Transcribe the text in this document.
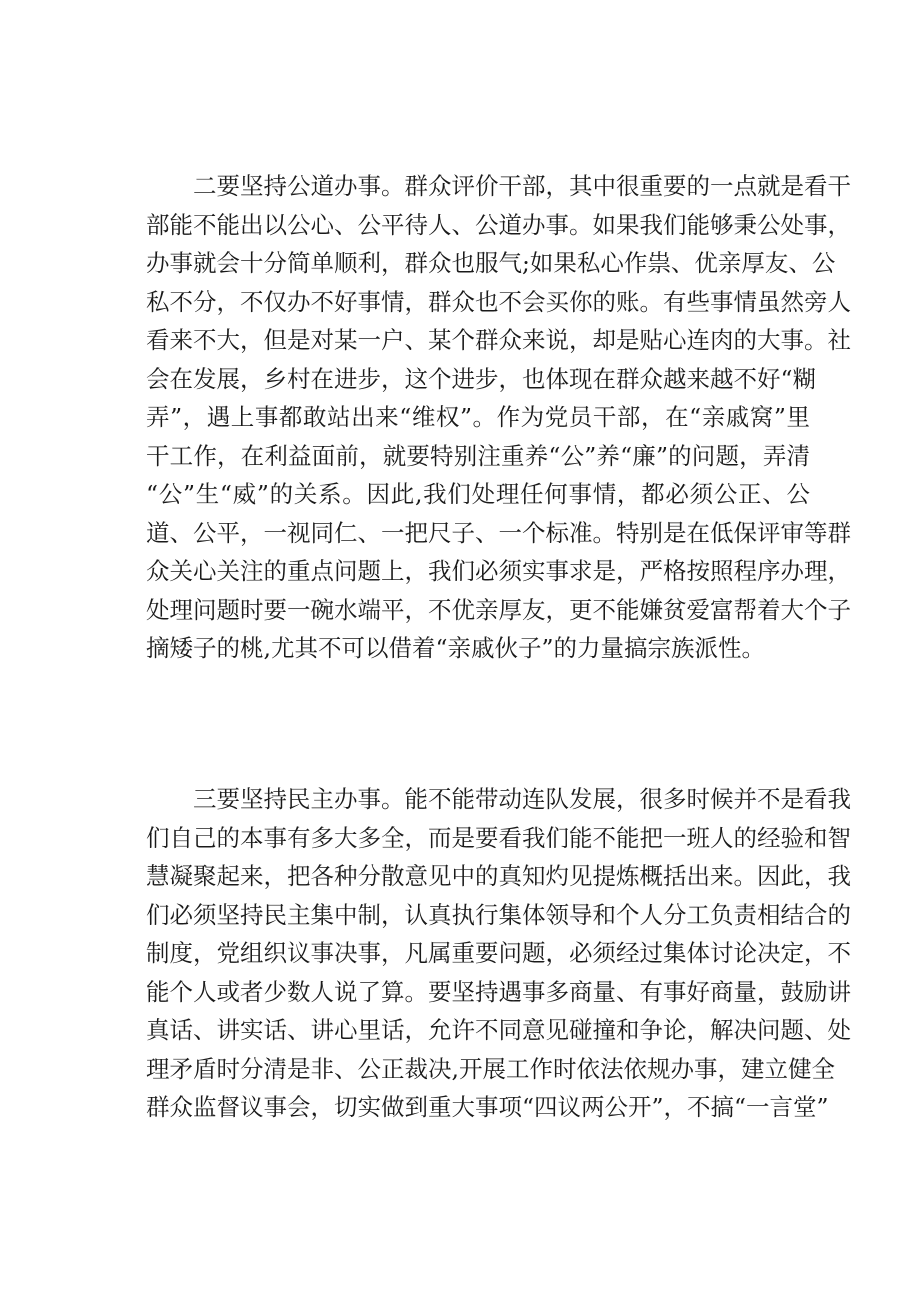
　　二要坚持公道办事。群众评价干部，其中很重要的一点就是看干
部能不能出以公心、公平待人、公道办事。如果我们能够秉公处事，
办事就会十分简单顺利，群众也服气;如果私心作祟、优亲厚友、公
私不分，不仅办不好事情，群众也不会买你的账。有些事情虽然旁人
看来不大，但是对某一户、某个群众来说，却是贴心连肉的大事。社
会在发展，乡村在进步，这个进步，也体现在群众越来越不好“糊
弄”，遇上事都敢站出来“维权”。作为党员干部，在“亲戚窝”里
干工作，在利益面前，就要特别注重养“公”养“廉”的问题，弄清
“公”生“威”的关系。因此,我们处理任何事情，都必须公正、公
道、公平，一视同仁、一把尺子、一个标准。特别是在低保评审等群
众关心关注的重点问题上，我们必须实事求是，严格按照程序办理，
处理问题时要一碗水端平，不优亲厚友，更不能嫌贫爱富帮着大个子
摘矮子的桃,尤其不可以借着“亲戚伙子”的力量搞宗族派性。
　　三要坚持民主办事。能不能带动连队发展，很多时候并不是看我
们自己的本事有多大多全，而是要看我们能不能把一班人的经验和智
慧凝聚起来，把各种分散意见中的真知灼见提炼概括出来。因此，我
们必须坚持民主集中制，认真执行集体领导和个人分工负责相结合的
制度，党组织议事决事，凡属重要问题，必须经过集体讨论决定，不
能个人或者少数人说了算。要坚持遇事多商量、有事好商量，鼓励讲
真话、讲实话、讲心里话，允许不同意见碰撞和争论，解决问题、处
理矛盾时分清是非、公正裁决,开展工作时依法依规办事，建立健全
群众监督议事会，切实做到重大事项“四议两公开”，不搞“一言堂”
